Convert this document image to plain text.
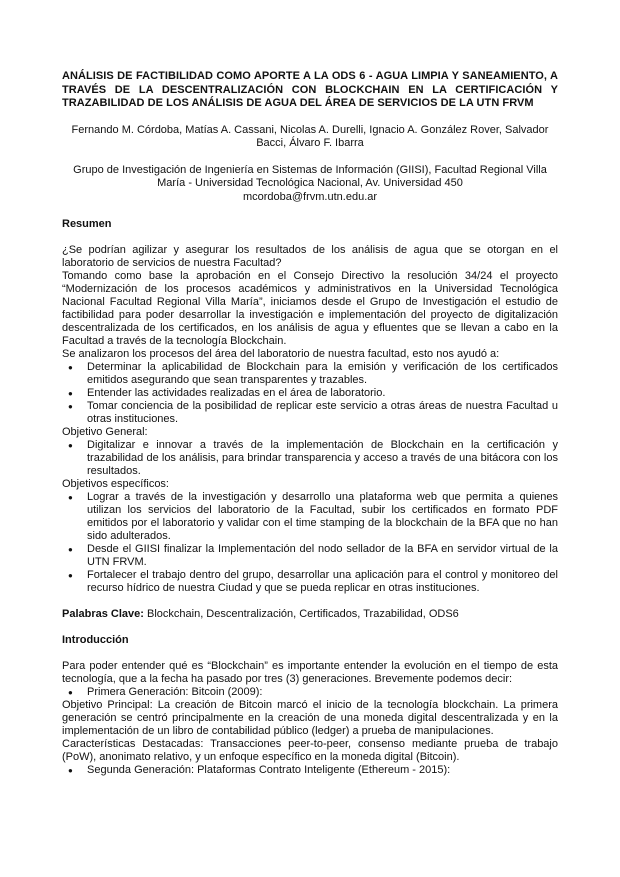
ANÁLISIS DE FACTIBILIDAD COMO APORTE A LA ODS 6 - AGUA LIMPIA Y SANEAMIENTO, A TRAVÉS DE LA DESCENTRALIZACIÓN CON BLOCKCHAIN EN LA CERTIFICACIÓN Y TRAZABILIDAD DE LOS ANÁLISIS DE AGUA DEL ÁREA DE SERVICIOS DE LA UTN FRVM
Fernando M. Córdoba, Matías A. Cassani, Nicolas A. Durelli, Ignacio A. González Rover, Salvador Bacci, Álvaro F. Ibarra
Grupo de Investigación de Ingeniería en Sistemas de Información (GIISI), Facultad Regional Villa María - Universidad Tecnológica Nacional, Av. Universidad 450
mcordoba@frvm.utn.edu.ar
Resumen
¿Se podrían agilizar y asegurar los resultados de los análisis de agua que se otorgan en el laboratorio de servicios de nuestra Facultad?
Tomando como base la aprobación en el Consejo Directivo la resolución 34/24 el proyecto “Modernización de los procesos académicos y administrativos en la Universidad Tecnológica Nacional Facultad Regional Villa María”, iniciamos desde el Grupo de Investigación el estudio de factibilidad para poder desarrollar la investigación e implementación del proyecto de digitalización descentralizada de los certificados, en los análisis de agua y efluentes que se llevan a cabo en la Facultad a través de la tecnología Blockchain.
Se analizaron los procesos del área del laboratorio de nuestra facultad, esto nos ayudó a:
● Determinar la aplicabilidad de Blockchain para la emisión y verificación de los certificados emitidos asegurando que sean transparentes y trazables.
● Entender las actividades realizadas en el área de laboratorio.
● Tomar conciencia de la posibilidad de replicar este servicio a otras áreas de nuestra Facultad u otras instituciones.
Objetivo General:
● Digitalizar e innovar a través de la implementación de Blockchain en la certificación y trazabilidad de los análisis, para brindar transparencia y acceso a través de una bitácora con los resultados.
Objetivos específicos:
● Lograr a través de la investigación y desarrollo una plataforma web que permita a quienes utilizan los servicios del laboratorio de la Facultad, subir los certificados en formato PDF emitidos por el laboratorio y validar con el time stamping de la blockchain de la BFA que no han sido adulterados.
● Desde el GIISI finalizar la Implementación del nodo sellador de la BFA en servidor virtual de la UTN FRVM.
● Fortalecer el trabajo dentro del grupo, desarrollar una aplicación para el control y monitoreo del recurso hídrico de nuestra Ciudad y que se pueda replicar en otras instituciones.
Palabras Clave: Blockchain, Descentralización, Certificados, Trazabilidad, ODS6
Introducción
Para poder entender qué es “Blockchain” es importante entender la evolución en el tiempo de esta tecnología, que a la fecha ha pasado por tres (3) generaciones. Brevemente podemos decir:
● Primera Generación: Bitcoin (2009):
Objetivo Principal: La creación de Bitcoin marcó el inicio de la tecnología blockchain. La primera generación se centró principalmente en la creación de una moneda digital descentralizada y en la implementación de un libro de contabilidad público (ledger) a prueba de manipulaciones.
Características Destacadas: Transacciones peer-to-peer, consenso mediante prueba de trabajo (PoW), anonimato relativo, y un enfoque específico en la moneda digital (Bitcoin).
● Segunda Generación: Plataformas Contrato Inteligente (Ethereum - 2015):
